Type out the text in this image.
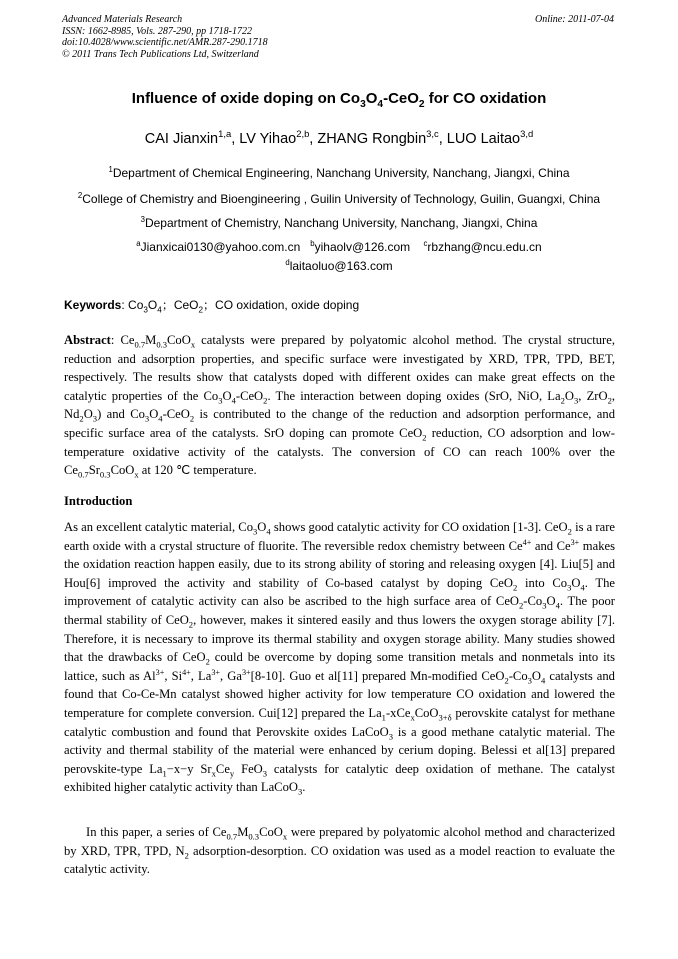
Advanced Materials Research
ISSN: 1662-8985, Vols. 287-290, pp 1718-1722
doi:10.4028/www.scientific.net/AMR.287-290.1718
© 2011 Trans Tech Publications Ltd, Switzerland
Online: 2011-07-04
Influence of oxide doping on $Co_3O_4-CeO_2$ for CO oxidation
CAI Jianxin$^{1,a}$, LV Yihao$^{2,b}$, ZHANG Rongbin$^{3,c}$, LUO Laitao$^{3,d}$
$^1$Department of Chemical Engineering, Nanchang University, Nanchang, Jiangxi, China
$^2$College of Chemistry and Bioengineering , Guilin University of Technology, Guilin, Guangxi, China
$^3$Department of Chemistry, Nanchang University, Nanchang, Jiangxi, China
$^a$Jianxicai0130@yahoo.com.cn $^b$yihaolv@126.com $^c$rbzhang@ncu.edu.cn
$^d$laitaoluo@163.com
Keywords: $Co_3O_4$；CeO$_2$；CO oxidation, oxide doping
Abstract: $Ce_{0.7}M_{0.3}CoO_x$ catalysts were prepared by polyatomic alcohol method. The crystal structure, reduction and adsorption properties, and specific surface were investigated by XRD, TPR, TPD, BET, respectively. The results show that catalysts doped with different oxides can make great effects on the catalytic properties of the $Co_3O_4-CeO_2$. The interaction between doping oxides (SrO, NiO, $La_2O_3$, ZrO$_2$, $Nd_2O_3$) and $Co_3O_4-CeO_2$ is contributed to the change of the reduction and adsorption performance, and specific surface area of the catalysts. SrO doping can promote CeO$_2$ reduction, CO adsorption and low-temperature oxidative activity of the catalysts. The conversion of CO can reach 100% over the $Ce_{0.7}Sr_{0.3}CoO_x$ at 120 ℃ temperature.
Introduction
As an excellent catalytic material, $Co_3O_4$ shows good catalytic activity for CO oxidation [1-3]. CeO$_2$ is a rare earth oxide with a crystal structure of fluorite. The reversible redox chemistry between $Ce^{4+}$ and $Ce^{3+}$ makes the oxidation reaction happen easily, due to its strong ability of storing and releasing oxygen [4]. Liu[5] and Hou[6] improved the activity and stability of Co-based catalyst by doping CeO$_2$ into $Co_3O_4$. The improvement of catalytic activity can also be ascribed to the high surface area of $CeO_2-Co_3O_4$. The poor thermal stability of CeO$_2$, however, makes it sintered easily and thus lowers the oxygen storage ability [7]. Therefore, it is necessary to improve its thermal stability and oxygen storage ability. Many studies showed that the drawbacks of CeO$_2$ could be overcome by doping some transition metals and nonmetals into its lattice, such as $Al^{3+}$, $Si^{4+}$, $La^{3+}$, $Ga^{3+}[8-10]$. Guo et al[11] prepared Mn-modified $CeO_2-Co_3O_4$ catalysts and found that Co-Ce-Mn catalyst showed higher activity for low temperature CO oxidation and lowered the temperature for complete conversion. Cui[12] prepared the $La_1-xCe_xCoO_{3+\delta}$ perovskite catalyst for methane catalytic combustion and found that Perovskite oxides LaCoO$_3$ is a good methane catalytic material. The activity and thermal stability of the material were enhanced by cerium doping. Belessi et al[13] prepared perovskite-type $La_1-x-y$ $Sr_xCe_y$ FeO$_3$ catalysts for catalytic deep oxidation of methane. The catalyst exhibited higher catalytic activity than LaCoO$_3$.
In this paper, a series of $Ce_{0.7}M_{0.3}CoO_x$ were prepared by polyatomic alcohol method and characterized by XRD, TPR, TPD, $N_2$ adsorption-desorption. CO oxidation was used as a model reaction to evaluate the catalytic activity.
